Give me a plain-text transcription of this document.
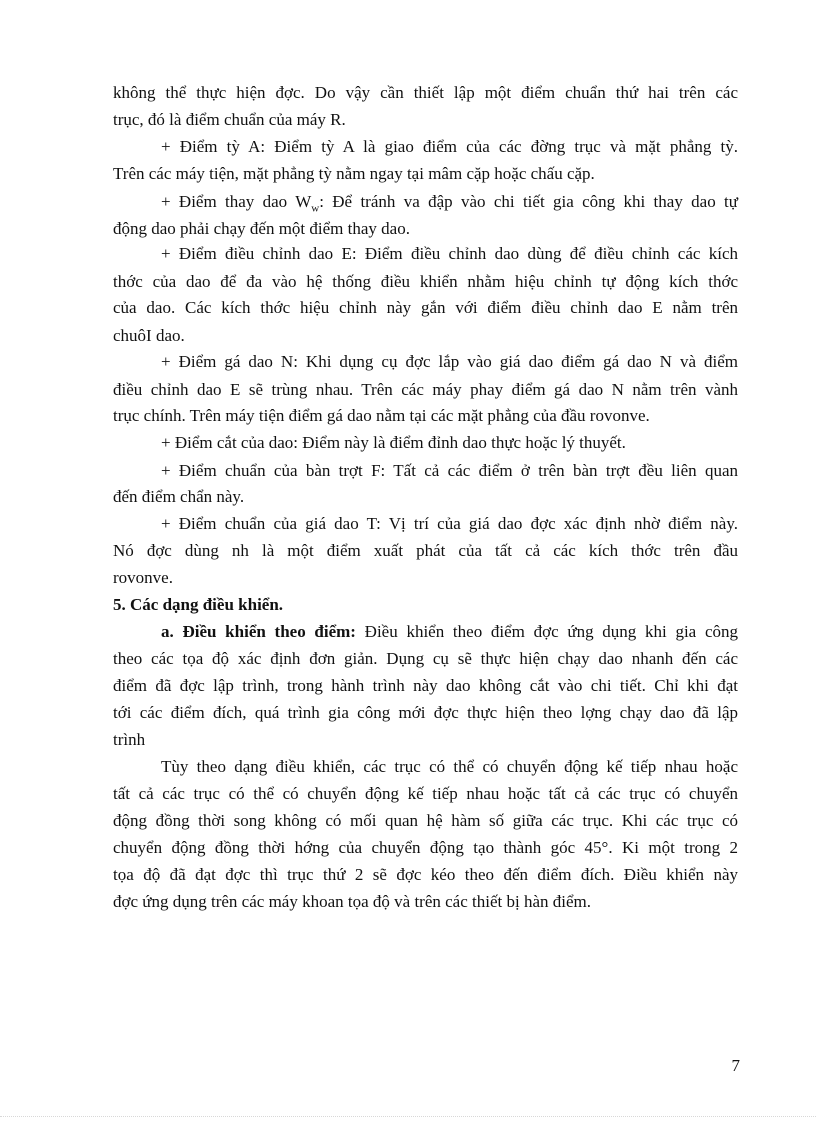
không thể thực hiện đợc. Do vậy cần thiết lập một điểm chuẩn thứ hai trên các
trục, đó là điểm chuẩn của máy R.
+ Điểm tỳ A: Điểm tỳ A là giao điểm của các đờng trục và mặt phẳng tỳ.
Trên các máy tiện, mặt phẳng tỳ nằm ngay tại mâm cặp hoặc chấu cặp.
+ Điểm thay dao $W_w$: Để tránh va đập vào chi tiết gia công khi thay dao tự
động dao phải chạy đến một điểm thay dao.
+ Điểm điều chỉnh dao E: Điểm điều chỉnh dao dùng để điều chỉnh các kích
thớc của dao để đa vào hệ thống điều khiển nhằm hiệu chỉnh tự động kích thớc
của dao. Các kích thớc hiệu chỉnh này gắn với điểm điều chỉnh dao E nằm trên
chuôI dao.
+ Điểm gá dao N: Khi dụng cụ đợc lắp vào giá dao điểm gá dao N và điểm
điều chỉnh dao E sẽ trùng nhau. Trên các máy phay điểm gá dao N nằm trên vành
trục chính. Trên máy tiện điểm gá dao nằm tại các mặt phẳng của đầu rovonve.
+ Điểm cắt của dao: Điểm này là điểm đỉnh dao thực hoặc lý thuyết.
+ Điểm chuẩn của bàn trợt F: Tất cả các điểm ở trên bàn trợt đều liên quan
đến điểm chẩn này.
+ Điểm chuẩn của giá dao T: Vị trí của giá dao đợc xác định nhờ điểm này.
Nó đợc dùng nh là một điểm xuất phát của tất cả các kích thớc trên đầu
rovonve.
5. Các dạng điều khiển.
a. Điều khiển theo điểm: Điều khiển theo điểm đợc ứng dụng khi gia công
theo các tọa độ xác định đơn giản. Dụng cụ sẽ thực hiện chạy dao nhanh đến các
điểm đã đợc lập trình, trong hành trình này dao không cắt vào chi tiết. Chỉ khi đạt
tới các điểm đích, quá trình gia công mới đợc thực hiện theo lợng chạy dao đã lập
trình
Tùy theo dạng điều khiển, các trục có thể có chuyển động kế tiếp nhau hoặc
tất cả các trục có thể có chuyển động kế tiếp nhau hoặc tất cả các trục có chuyển
động đồng thời song không có mối quan hệ hàm số giữa các trục. Khi các trục có
chuyển động đồng thời hớng của chuyển động tạo thành góc 45°. Ki một trong 2
tọa độ đã đạt đợc thì trục thứ 2 sẽ đợc kéo theo đến điểm đích. Điều khiển này
đợc ứng dụng trên các máy khoan tọa độ và trên các thiết bị hàn điểm.
7
